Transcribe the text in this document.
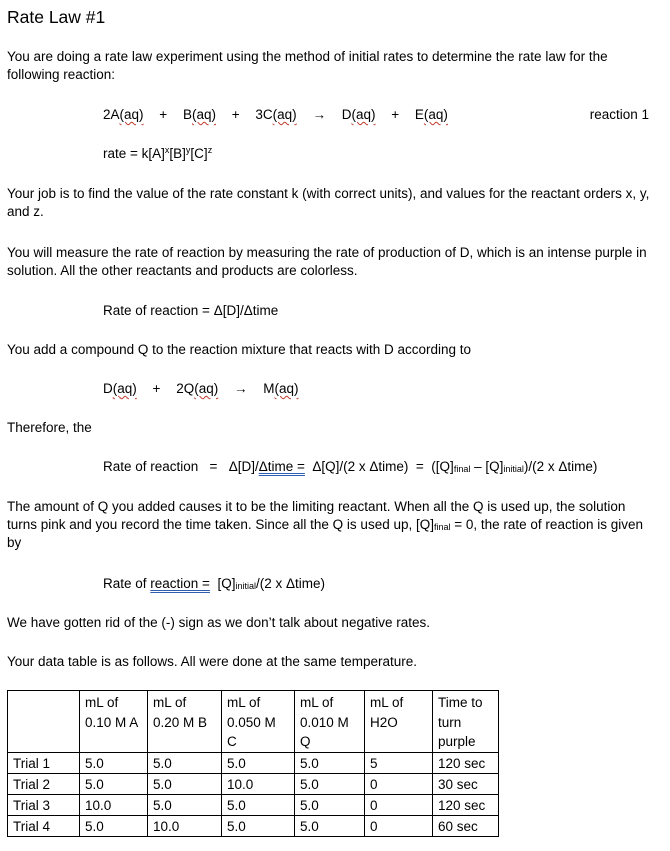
Rate Law #1
You are doing a rate law experiment using the method of initial rates to determine the rate law for the following reaction:
2A(aq) + B(aq) + 3C(aq) → D(aq) + E(aq)	reaction 1
rate = $k[A]^x[B]^y[C]^z$
Your job is to find the value of the rate constant k (with correct units), and values for the reactant orders x, y, and z.
You will measure the rate of reaction by measuring the rate of production of D, which is an intense purple in solution. All the other reactants and products are colorless.
Rate of reaction = Δ[D]/Δtime
You add a compound Q to the reaction mixture that reacts with D according to
D(aq) + 2Q(aq) → M(aq)
Therefore, the
Rate of reaction   =   Δ[D]/Δtime =  Δ[Q]/(2 x Δtime)  =  $([Q]_{final} - [Q]_{initial})/(2$ x Δtime)
The amount of Q you added causes it to be the limiting reactant. When all the Q is used up, the solution turns pink and you record the time taken. Since all the Q is used up, $[Q]_{final} = 0$, the rate of reaction is given by
Rate of reaction =  $[Q]_{initial}/(2$ x Δtime)
We have gotten rid of the (-) sign as we don’t talk about negative rates.
Your data table is as follows. All were done at the same temperature.
	mL of 0.10 M A	mL of 0.20 M B	mL of 0.050 M C	mL of 0.010 M Q	mL of H2O	Time to turn purple
Trial 1	5.0	5.0	5.0	5.0	5	120 sec
Trial 2	5.0	5.0	10.0	5.0	0	30 sec
Trial 3	10.0	5.0	5.0	5.0	0	120 sec
Trial 4	5.0	10.0	5.0	5.0	0	60 sec
